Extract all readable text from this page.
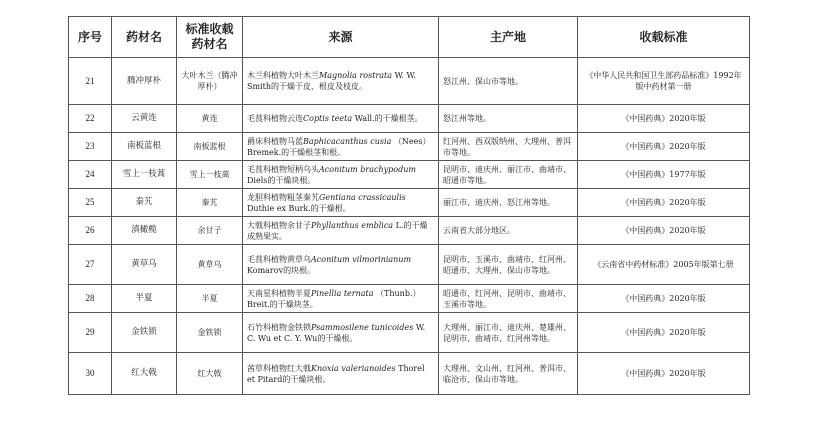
序号	药材名	标准收载药材名	来源	主产地	收载标准
21	腾冲厚朴	大叶木兰（腾冲厚朴）	木兰科植物大叶木兰Magnolia rostrata W. W. Smith的干燥干皮、根皮及枝皮。	怒江州、保山市等地。	《中华人民共和国卫生部药品标准》1992年版中药材第一册
22	云黄连	黄连	毛茛科植物云连Coptis teeta Wall.的干燥根茎。	怒江州等地。	《中国药典》2020年版
23	南板蓝根	南板蓝根	爵床科植物马蓝Baphicacanthus cusia （Nees）Bremek.的干燥根茎和根。	红河州、西双版纳州、大理州、普洱市等地。	《中国药典》2020年版
24	雪上一枝蒿	雪上一枝蒿	毛茛科植物短柄乌头Aconitum brachypodum Diels的干燥块根。	昆明市、迪庆州、丽江市、曲靖市、昭通市等地。	《中国药典》1977年版
25	秦艽	秦艽	龙胆科植物粗茎秦艽Gentiana crassicaulis Duthie ex Burk.的干燥根。	丽江市、迪庆州、怒江州等地。	《中国药典》2020年版
26	滇橄榄	余甘子	大戟科植物余甘子Phyllanthus emblica L.的干燥成熟果实。	云南省大部分地区。	《中国药典》2020年版
27	黄草乌	黄草乌	毛茛科植物黄草乌Aconitum vilmorinianum Komarov的块根。	昆明市、玉溪市、曲靖市、红河州、昭通市、大理州、保山市等地。	《云南省中药材标准》2005年版第七册
28	半夏	半夏	天南星科植物半夏Pinellia ternata （Thunb.）Breit.的干燥块茎。	昭通市、红河州、昆明市、曲靖市、玉溪市等地。	《中国药典》2020年版
29	金铁锁	金铁锁	石竹科植物金铁锁Psammosilene tunicoides W. C. Wu et C. Y. Wu的干燥根。	大理州、丽江市、迪庆州、楚雄州、昆明市、曲靖市、红河州等地。	《中国药典》2020年版
30	红大戟	红大戟	茜草科植物红大戟Knoxia valerianoides Thorel et Pitard的干燥块根。	大理州、文山州、红河州、普洱市、临沧市、保山市等地。	《中国药典》2020年版
